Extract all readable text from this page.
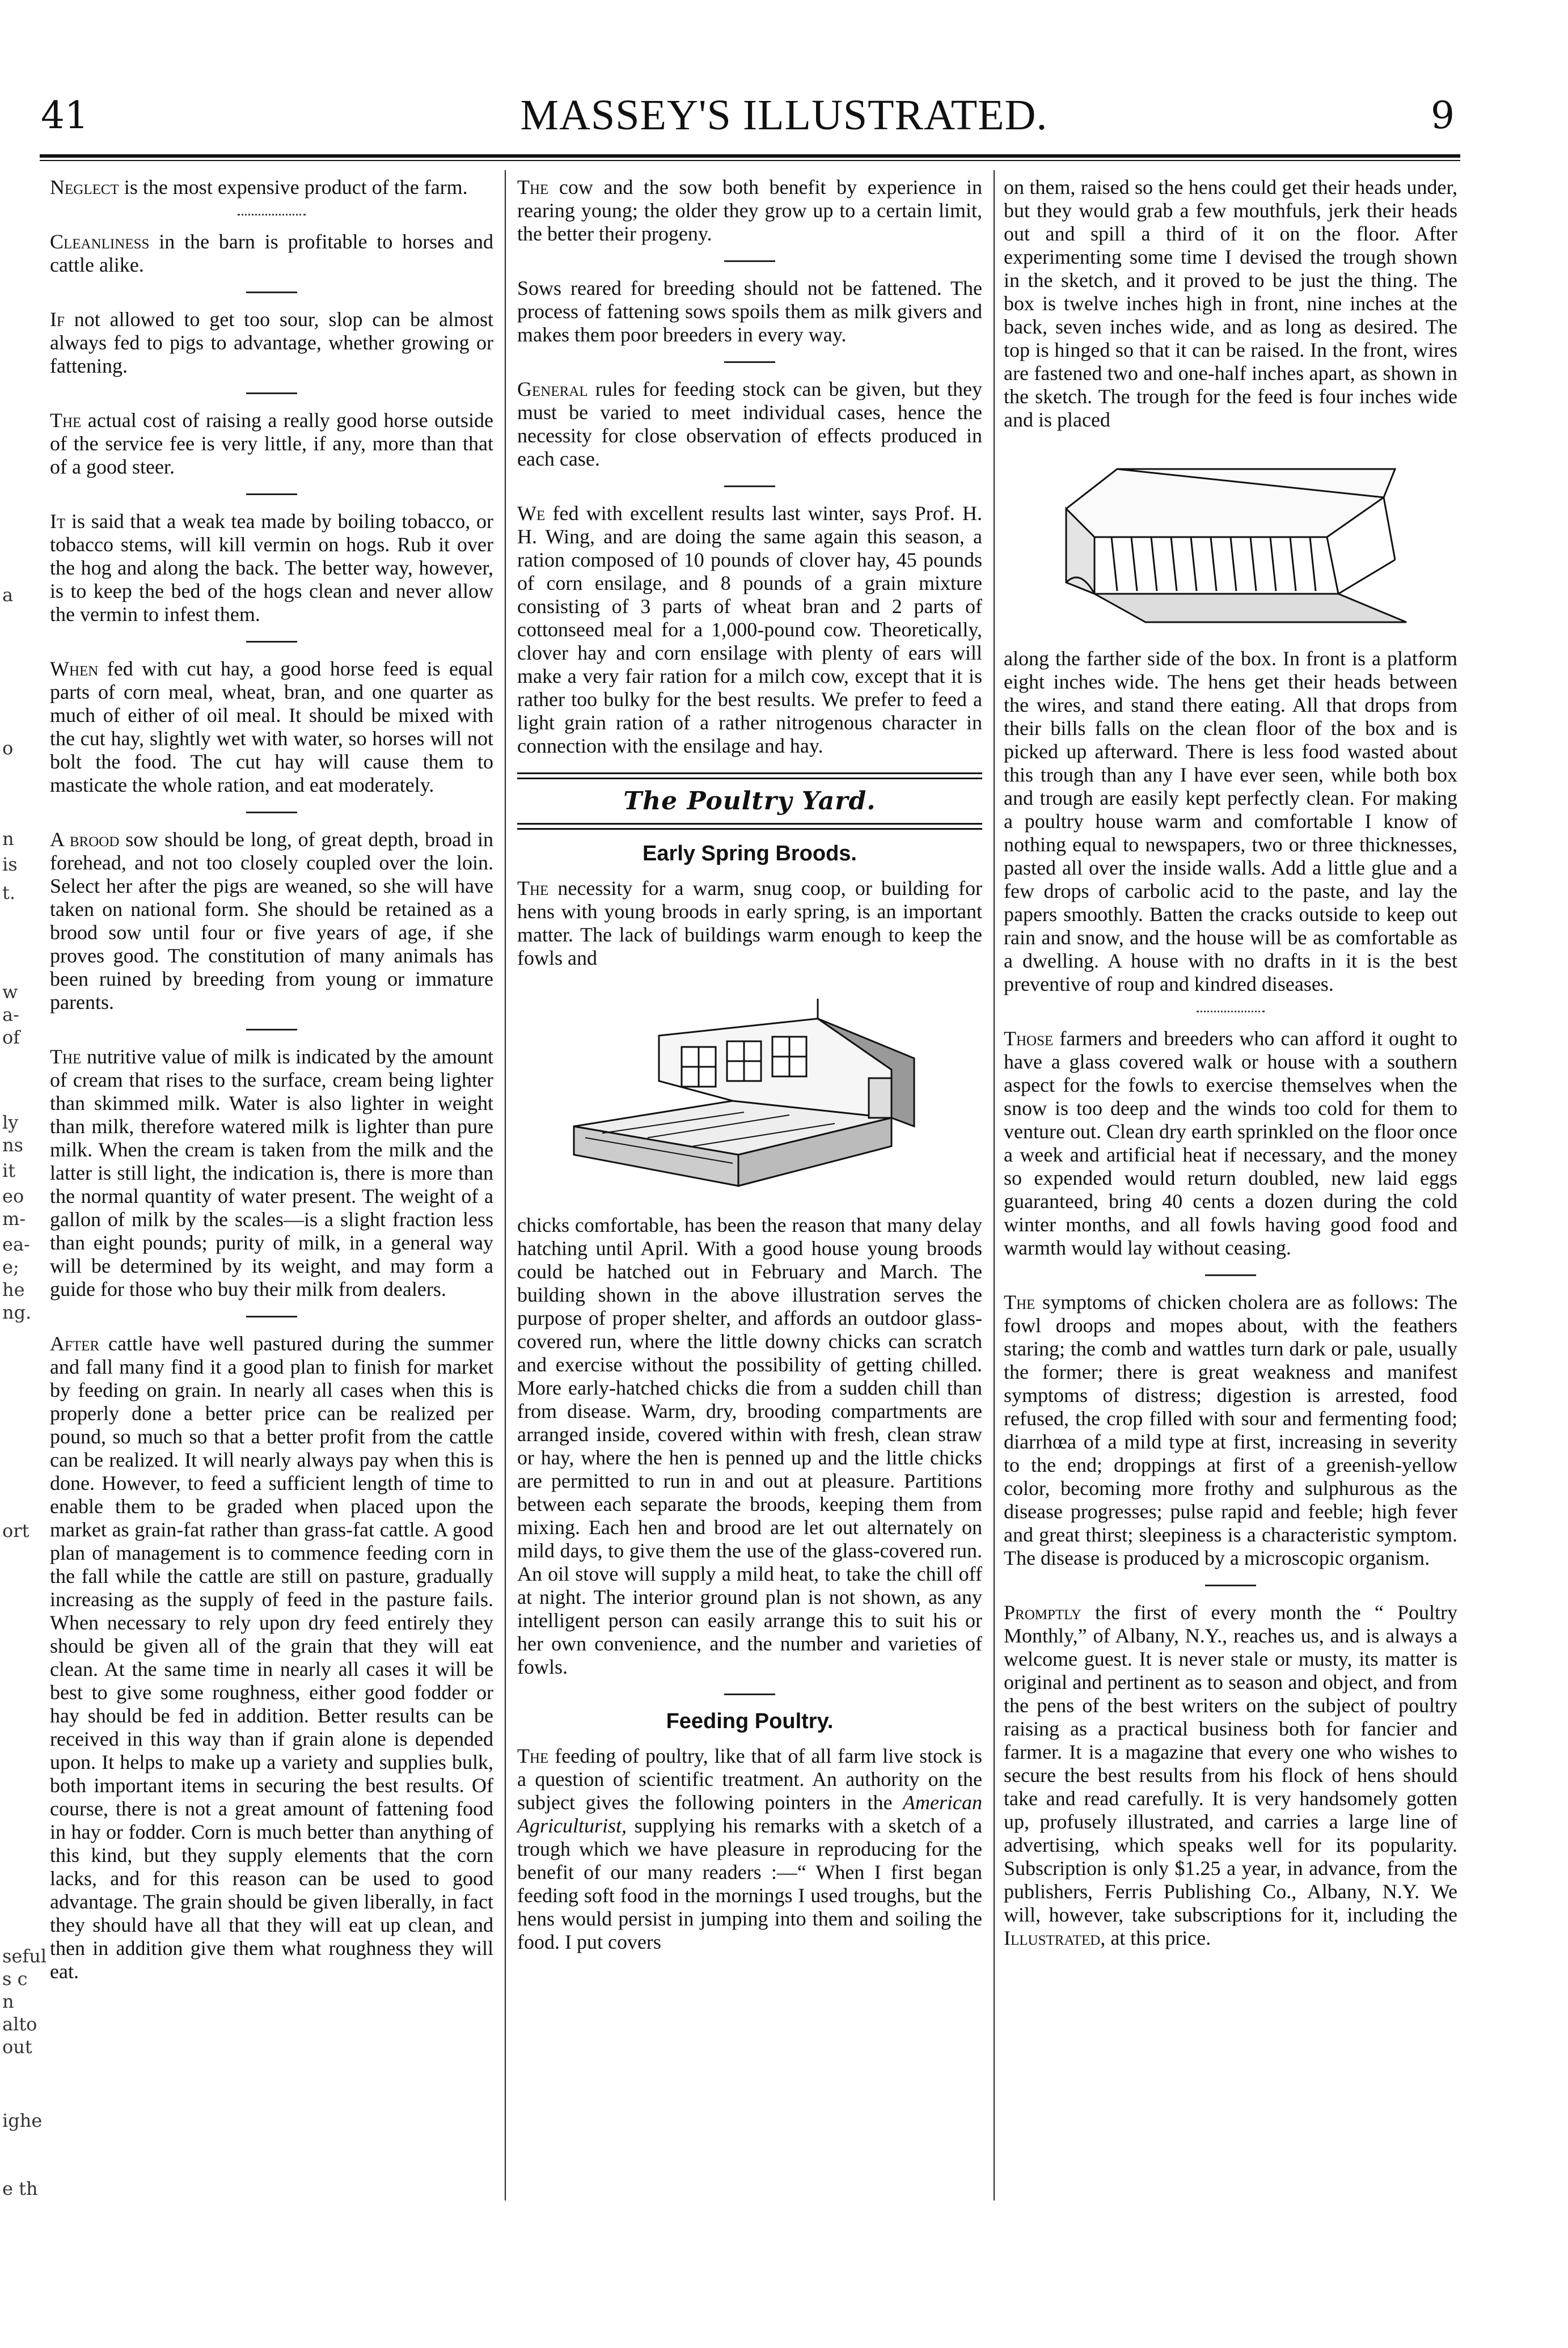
a
o
n
is
t.
w
a-
of
ly
ns
it
eo
m-
ea-
e;
he
ng.
ort
seful
s c
n
alto
out
ighe
e th
41	MASSEY'S ILLUSTRATED.	9

Neglect is the most expensive product of the farm.

Cleanliness in the barn is profitable to horses and cattle alike.

If not allowed to get too sour, slop can be almost always fed to pigs to advantage, whether growing or fattening.

The actual cost of raising a really good horse outside of the service fee is very little, if any, more than that of a good steer.

It is said that a weak tea made by boiling tobacco, or tobacco stems, will kill vermin on hogs. Rub it over the hog and along the back. The better way, however, is to keep the bed of the hogs clean and never allow the vermin to infest them.

When fed with cut hay, a good horse feed is equal parts of corn meal, wheat, bran, and one quarter as much of either of oil meal. It should be mixed with the cut hay, slightly wet with water, so horses will not bolt the food. The cut hay will cause them to masticate the whole ration, and eat moderately.

A brood sow should be long, of great depth, broad in forehead, and not too closely coupled over the loin. Select her after the pigs are weaned, so she will have taken on national form. She should be retained as a brood sow until four or five years of age, if she proves good. The constitution of many animals has been ruined by breeding from young or immature parents.

The nutritive value of milk is indicated by the amount of cream that rises to the surface, cream being lighter than skimmed milk. Water is also lighter in weight than milk, therefore watered milk is lighter than pure milk. When the cream is taken from the milk and the latter is still light, the indication is, there is more than the normal quantity of water present. The weight of a gallon of milk by the scales—is a slight fraction less than eight pounds; purity of milk, in a general way will be determined by its weight, and may form a guide for those who buy their milk from dealers.

After cattle have well pastured during the summer and fall many find it a good plan to finish for market by feeding on grain. In nearly all cases when this is properly done a better price can be realized per pound, so much so that a better profit from the cattle can be realized. It will nearly always pay when this is done. However, to feed a sufficient length of time to enable them to be graded when placed upon the market as grain-fat rather than grass-fat cattle. A good plan of management is to commence feeding corn in the fall while the cattle are still on pasture, gradually increasing as the supply of feed in the pasture fails. When necessary to rely upon dry feed entirely they should be given all of the grain that they will eat clean. At the same time in nearly all cases it will be best to give some roughness, either good fodder or hay should be fed in addition. Better results can be received in this way than if grain alone is depended upon. It helps to make up a variety and supplies bulk, both important items in securing the best results. Of course, there is not a great amount of fattening food in hay or fodder. Corn is much better than anything of this kind, but they supply elements that the corn lacks, and for this reason can be used to good advantage. The grain should be given liberally, in fact they should have all that they will eat up clean, and then in addition give them what roughness they will eat.

The cow and the sow both benefit by experience in rearing young; the older they grow up to a certain limit, the better their progeny.

Sows reared for breeding should not be fattened. The process of fattening sows spoils them as milk givers and makes them poor breeders in every way.

General rules for feeding stock can be given, but they must be varied to meet individual cases, hence the necessity for close observation of effects produced in each case.

We fed with excellent results last winter, says Prof. H. H. Wing, and are doing the same again this season, a ration composed of 10 pounds of clover hay, 45 pounds of corn ensilage, and 8 pounds of a grain mixture consisting of 3 parts of wheat bran and 2 parts of cottonseed meal for a 1,000-pound cow. Theoretically, clover hay and corn ensilage with plenty of ears will make a very fair ration for a milch cow, except that it is rather too bulky for the best results. We prefer to feed a light grain ration of a rather nitrogenous character in connection with the ensilage and hay.

The Poultry Yard.
Early Spring Broods.

The necessity for a warm, snug coop, or building for hens with young broods in early spring, is an important matter. The lack of buildings warm enough to keep the fowls and

chicks comfortable, has been the reason that many delay hatching until April. With a good house young broods could be hatched out in February and March. The building shown in the above illustration serves the purpose of proper shelter, and affords an outdoor glass-covered run, where the little downy chicks can scratch and exercise without the possibility of getting chilled. More early-hatched chicks die from a sudden chill than from disease. Warm, dry, brooding compartments are arranged inside, covered within with fresh, clean straw or hay, where the hen is penned up and the little chicks are permitted to run in and out at pleasure. Partitions between each separate the broods, keeping them from mixing. Each hen and brood are let out alternately on mild days, to give them the use of the glass-covered run. An oil stove will supply a mild heat, to take the chill off at night. The interior ground plan is not shown, as any intelligent person can easily arrange this to suit his or her own convenience, and the number and varieties of fowls.

Feeding Poultry.

The feeding of poultry, like that of all farm live stock is a question of scientific treatment. An authority on the subject gives the following pointers in the American Agriculturist, supplying his remarks with a sketch of a trough which we have pleasure in reproducing for the benefit of our many readers :—“ When I first began feeding soft food in the mornings I used troughs, but the hens would persist in jumping into them and soiling the food. I put covers

on them, raised so the hens could get their heads under, but they would grab a few mouthfuls, jerk their heads out and spill a third of it on the floor. After experimenting some time I devised the trough shown in the sketch, and it proved to be just the thing. The box is twelve inches high in front, nine inches at the back, seven inches wide, and as long as desired. The top is hinged so that it can be raised. In the front, wires are fastened two and one-half inches apart, as shown in the sketch. The trough for the feed is four inches wide and is placed

along the farther side of the box. In front is a platform eight inches wide. The hens get their heads between the wires, and stand there eating. All that drops from their bills falls on the clean floor of the box and is picked up afterward. There is less food wasted about this trough than any I have ever seen, while both box and trough are easily kept perfectly clean. For making a poultry house warm and comfortable I know of nothing equal to newspapers, two or three thicknesses, pasted all over the inside walls. Add a little glue and a few drops of carbolic acid to the paste, and lay the papers smoothly. Batten the cracks outside to keep out rain and snow, and the house will be as comfortable as a dwelling. A house with no drafts in it is the best preventive of roup and kindred diseases.

Those farmers and breeders who can afford it ought to have a glass covered walk or house with a southern aspect for the fowls to exercise themselves when the snow is too deep and the winds too cold for them to venture out. Clean dry earth sprinkled on the floor once a week and artificial heat if necessary, and the money so expended would return doubled, new laid eggs guaranteed, bring 40 cents a dozen during the cold winter months, and all fowls having good food and warmth would lay without ceasing.

The symptoms of chicken cholera are as follows: The fowl droops and mopes about, with the feathers staring; the comb and wattles turn dark or pale, usually the former; there is great weakness and manifest symptoms of distress; digestion is arrested, food refused, the crop filled with sour and fermenting food; diarrhœa of a mild type at first, increasing in severity to the end; droppings at first of a greenish-yellow color, becoming more frothy and sulphurous as the disease progresses; pulse rapid and feeble; high fever and great thirst; sleepiness is a characteristic symptom. The disease is produced by a microscopic organism.

Promptly the first of every month the “ Poultry Monthly,” of Albany, N.Y., reaches us, and is always a welcome guest. It is never stale or musty, its matter is original and pertinent as to season and object, and from the pens of the best writers on the subject of poultry raising as a practical business both for fancier and farmer. It is a magazine that every one who wishes to secure the best results from his flock of hens should take and read carefully. It is very handsomely gotten up, profusely illustrated, and carries a large line of advertising, which speaks well for its popularity. Subscription is only $1.25 a year, in advance, from the publishers, Ferris Publishing Co., Albany, N.Y. We will, however, take subscriptions for it, including the Illustrated, at this price.
